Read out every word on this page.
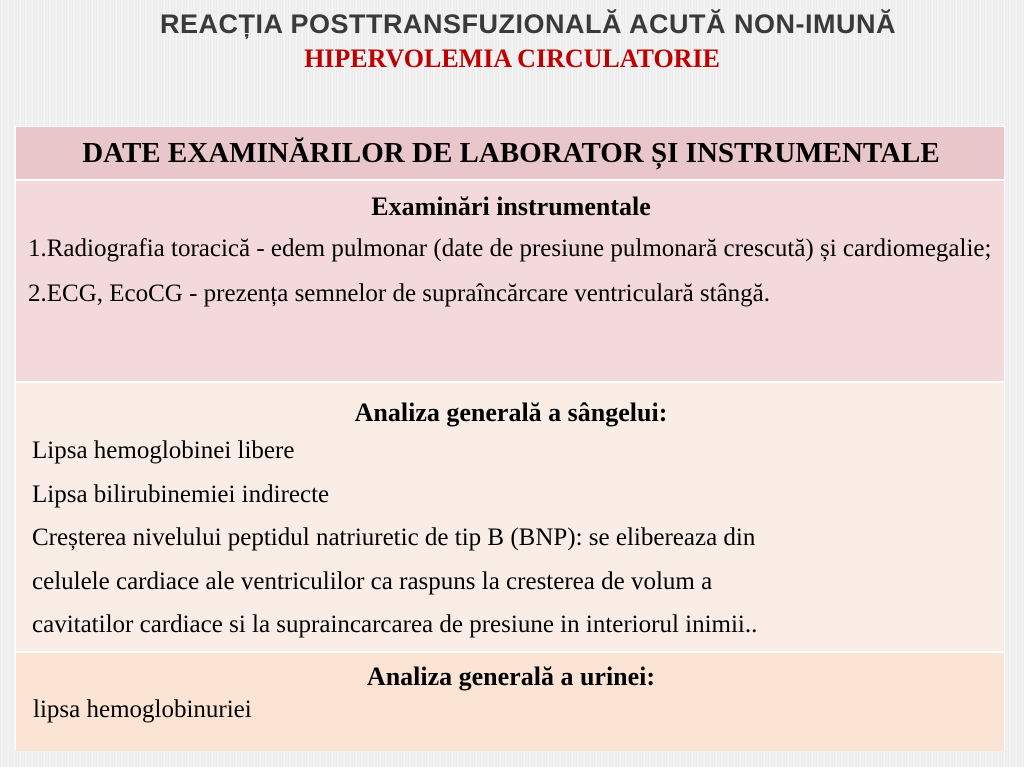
REACȚIA POSTTRANSFUZIONALĂ ACUTĂ NON-IMUNĂ
HIPERVOLEMIA CIRCULATORIE
DATE EXAMINĂRILOR DE LABORATOR ȘI INSTRUMENTALE
Examinări instrumentale
1.Radiografia toracică - edem pulmonar (date de presiune pulmonară crescută) și cardiomegalie;
2.ECG, EcoCG - prezența semnelor de supraîncărcare ventriculară stângă.
Analiza generală a sângelui:
Lipsa hemoglobinei libere
Lipsa bilirubinemiei indirecte
Creșterea nivelului peptidul natriuretic de tip B (BNP): se elibereaza din
celulele cardiace ale ventriculilor ca raspuns la cresterea de volum a
cavitatilor cardiace si la supraincarcarea de presiune in interiorul inimii..
Analiza generală a urinei:
lipsa hemoglobinuriei
